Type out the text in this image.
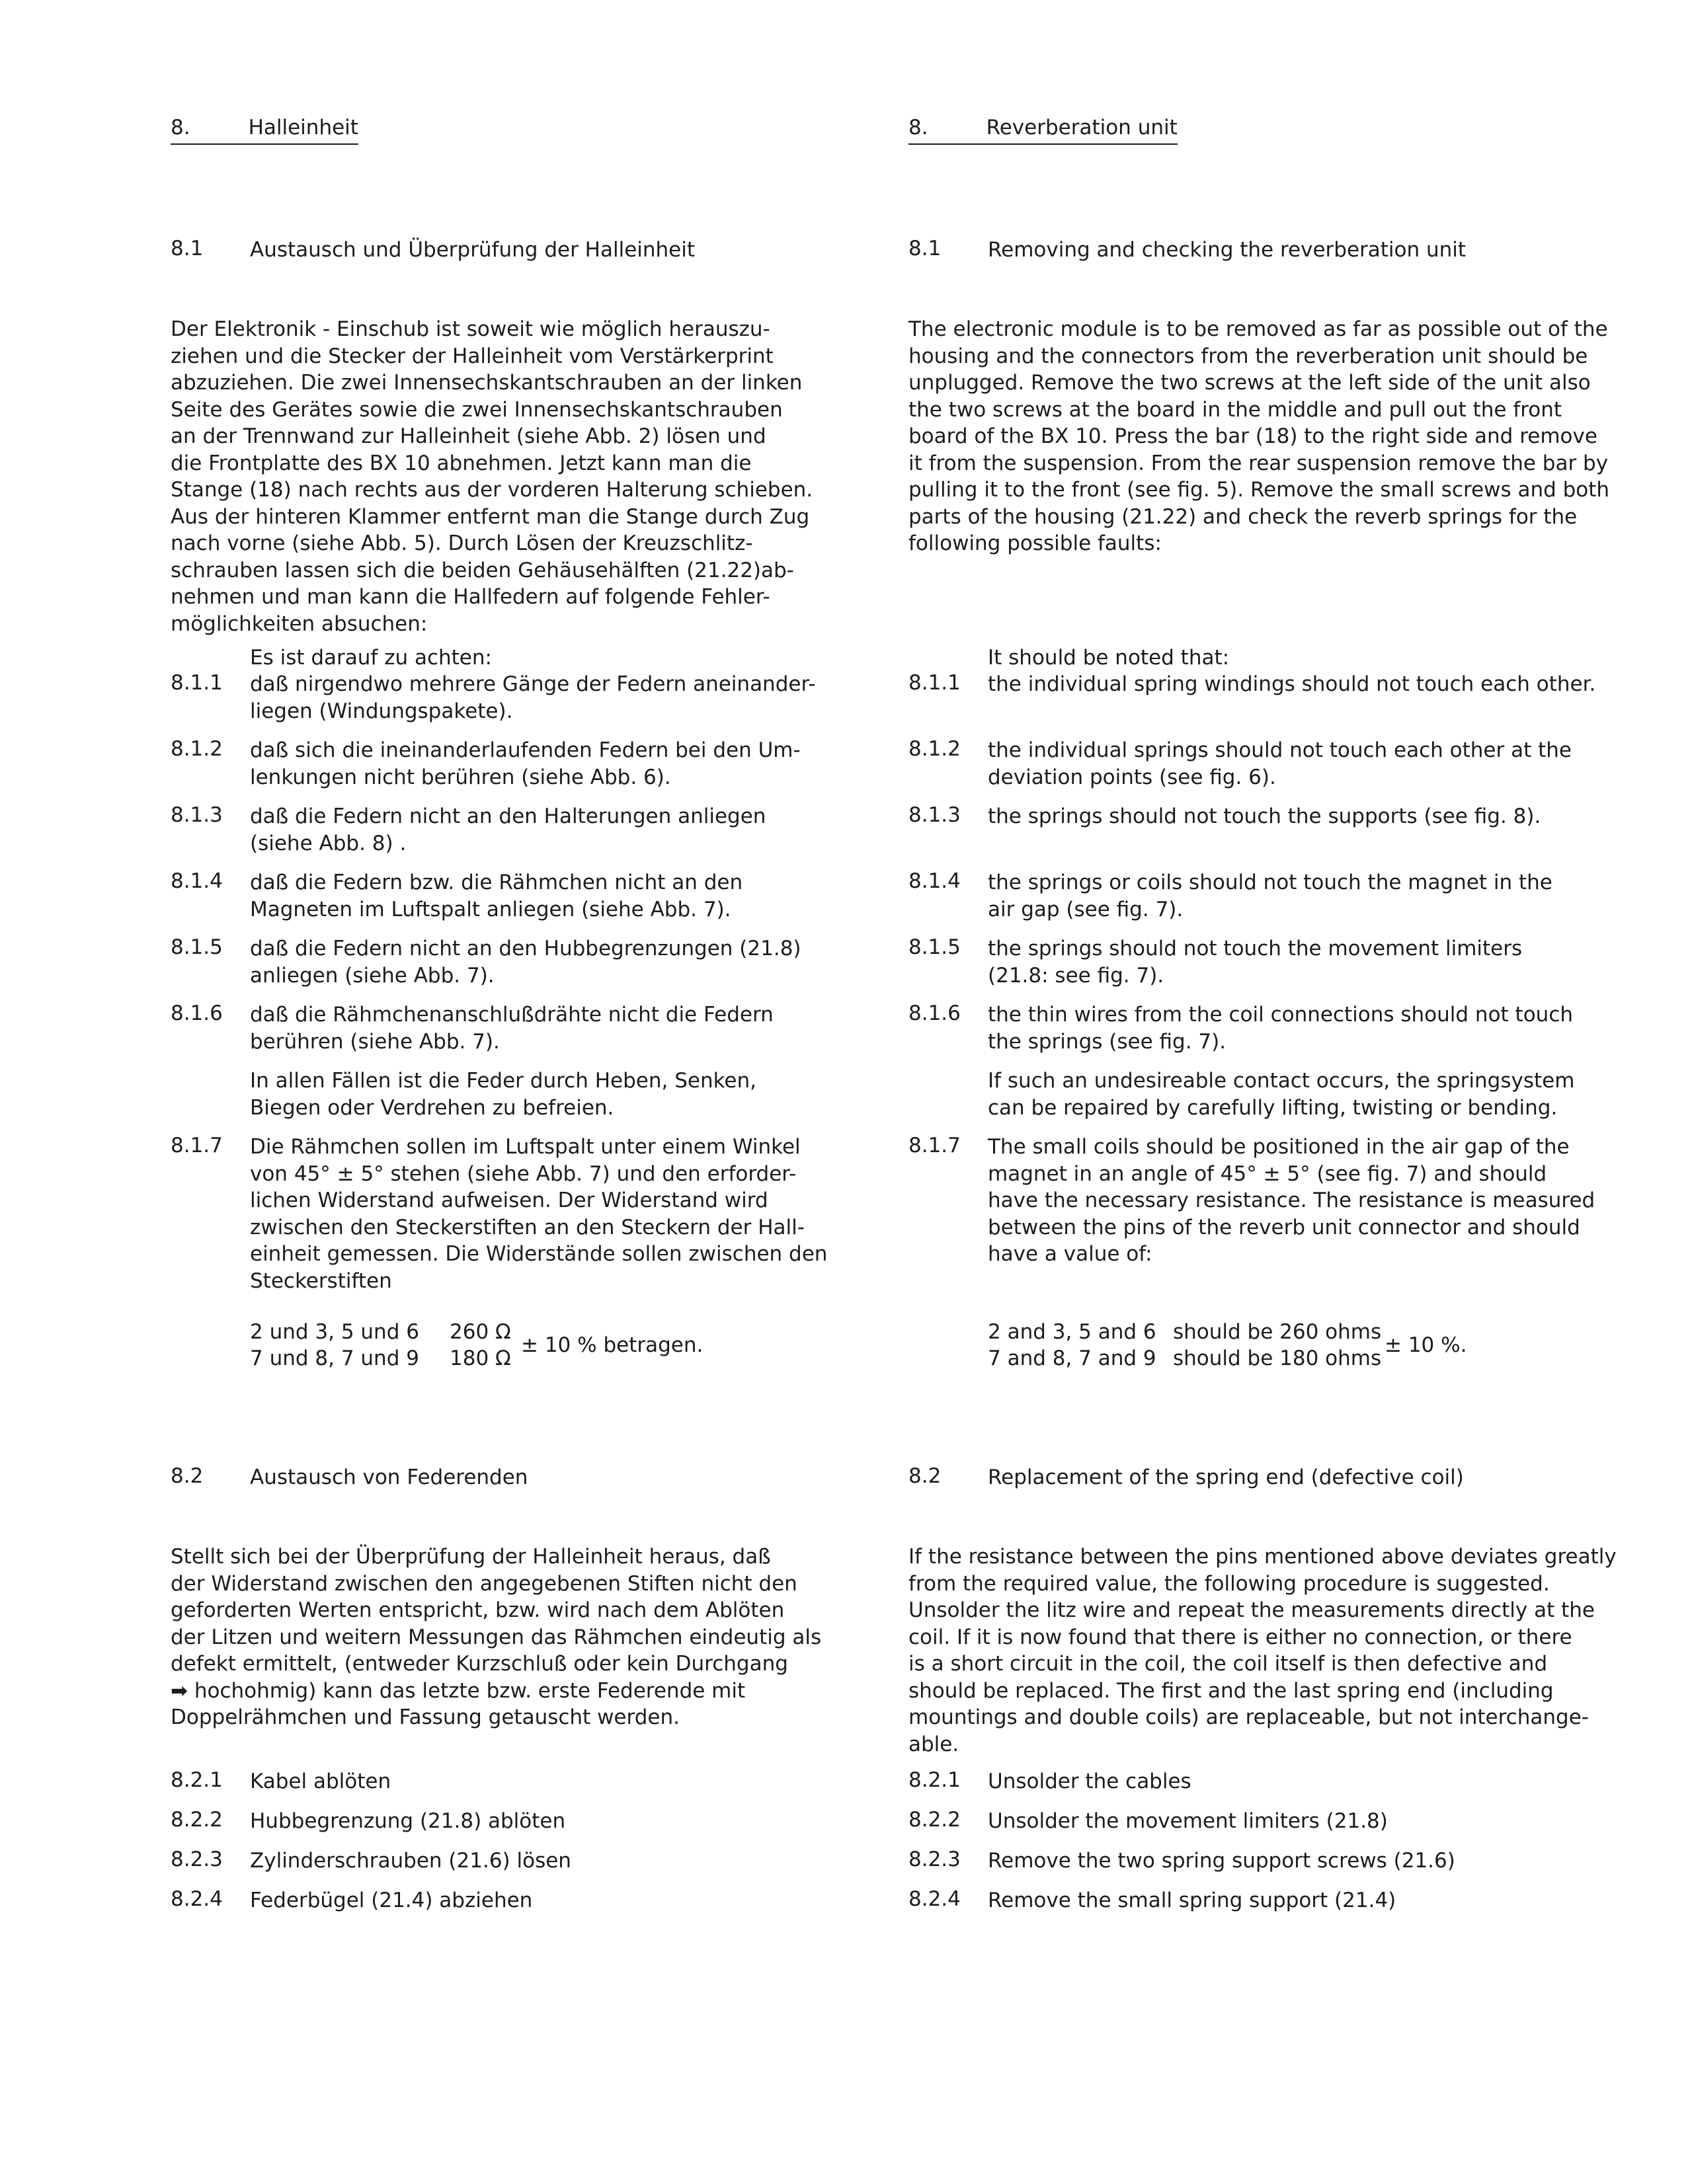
8.	Halleinheit
8.1	Austausch und Überprüfung der Halleinheit
Der Elektronik - Einschub ist soweit wie möglich herauszu-
ziehen und die Stecker der Halleinheit vom Verstärkerprint
abzuziehen. Die zwei Innensechskantschrauben an der linken
Seite des Gerätes sowie die zwei Innensechskantschrauben
an der Trennwand zur Halleinheit (siehe Abb. 2) lösen und
die Frontplatte des BX 10 abnehmen. Jetzt kann man die
Stange (18) nach rechts aus der vorderen Halterung schieben.
Aus der hinteren Klammer entfernt man die Stange durch Zug
nach vorne (siehe Abb. 5). Durch Lösen der Kreuzschlitz-
schrauben lassen sich die beiden Gehäusehälften (21.22)ab-
nehmen und man kann die Hallfedern auf folgende Fehler-
möglichkeiten absuchen:
Es ist darauf zu achten:
8.1.1	daß nirgendwo mehrere Gänge der Federn aneinander-
liegen (Windungspakete).
8.1.2	daß sich die ineinanderlaufenden Federn bei den Um-
lenkungen nicht berühren (siehe Abb. 6).
8.1.3	daß die Federn nicht an den Halterungen anliegen
(siehe Abb. 8) .
8.1.4	daß die Federn bzw. die Rähmchen nicht an den
Magneten im Luftspalt anliegen (siehe Abb. 7).
8.1.5	daß die Federn nicht an den Hubbegrenzungen (21.8)
anliegen (siehe Abb. 7).
8.1.6	daß die Rähmchenanschlußdrähte nicht die Federn
berühren (siehe Abb. 7).
In allen Fällen ist die Feder durch Heben, Senken,
Biegen oder Verdrehen zu befreien.
8.1.7	Die Rähmchen sollen im Luftspalt unter einem Winkel
von 45° ± 5° stehen (siehe Abb. 7) und den erforder-
lichen Widerstand aufweisen. Der Widerstand wird
zwischen den Steckerstiften an den Steckern der Hall-
einheit gemessen. Die Widerstände sollen zwischen den
Steckerstiften
2 und 3, 5 und 6 260 Ω
7 und 8, 7 und 9 180 Ω
± 10 % betragen.
8.2	Austausch von Federenden
Stellt sich bei der Überprüfung der Halleinheit heraus, daß
der Widerstand zwischen den angegebenen Stiften nicht den
geforderten Werten entspricht, bzw. wird nach dem Ablöten
der Litzen und weitern Messungen das Rähmchen eindeutig als
defekt ermittelt, (entweder Kurzschluß oder kein Durchgang
➡ hochohmig) kann das letzte bzw. erste Federende mit
Doppelrähmchen und Fassung getauscht werden.
8.2.1	Kabel ablöten
8.2.2	Hubbegrenzung (21.8) ablöten
8.2.3	Zylinderschrauben (21.6) lösen
8.2.4	Federbügel (21.4) abziehen
8.	Reverberation unit
8.1	Removing and checking the reverberation unit
The electronic module is to be removed as far as possible out of the
housing and the connectors from the reverberation unit should be
unplugged. Remove the two screws at the left side of the unit also
the two screws at the board in the middle and pull out the front
board of the BX 10. Press the bar (18) to the right side and remove
it from the suspension. From the rear suspension remove the bar by
pulling it to the front (see fig. 5). Remove the small screws and both
parts of the housing (21.22) and check the reverb springs for the
following possible faults:
It should be noted that:
8.1.1	the individual spring windings should not touch each other.
8.1.2	the individual springs should not touch each other at the
deviation points (see fig. 6).
8.1.3	the springs should not touch the supports (see fig. 8).
8.1.4	the springs or coils should not touch the magnet in the
air gap (see fig. 7).
8.1.5	the springs should not touch the movement limiters
(21.8: see fig. 7).
8.1.6	the thin wires from the coil connections should not touch
the springs (see fig. 7).
If such an undesireable contact occurs, the springsystem
can be repaired by carefully lifting, twisting or bending.
8.1.7	The small coils should be positioned in the air gap of the
magnet in an angle of 45° ± 5° (see fig. 7) and should
have the necessary resistance. The resistance is measured
between the pins of the reverb unit connector and should
have a value of:
2 and 3, 5 and 6 should be 260 ohms
7 and 8, 7 and 9 should be 180 ohms
± 10 %.
8.2	Replacement of the spring end (defective coil)
If the resistance between the pins mentioned above deviates greatly
from the required value, the following procedure is suggested.
Unsolder the litz wire and repeat the measurements directly at the
coil. If it is now found that there is either no connection, or there
is a short circuit in the coil, the coil itself is then defective and
should be replaced. The first and the last spring end (including
mountings and double coils) are replaceable, but not interchange-
able.
8.2.1	Unsolder the cables
8.2.2	Unsolder the movement limiters (21.8)
8.2.3	Remove the two spring support screws (21.6)
8.2.4	Remove the small spring support (21.4)
